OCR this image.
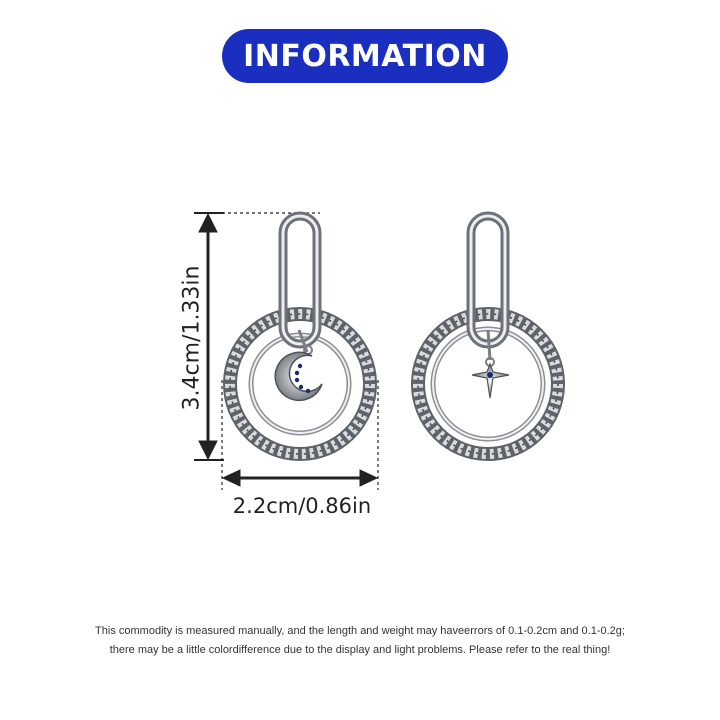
INFORMATION
3.4cm/1.33in
2.2cm/0.86in
This commodity is measured manually, and the length and weight may haveerrors of 0.1-0.2cm and 0.1-0.2g;
there may be a little colordifference due to the display and light problems. Please refer to the real thing!
